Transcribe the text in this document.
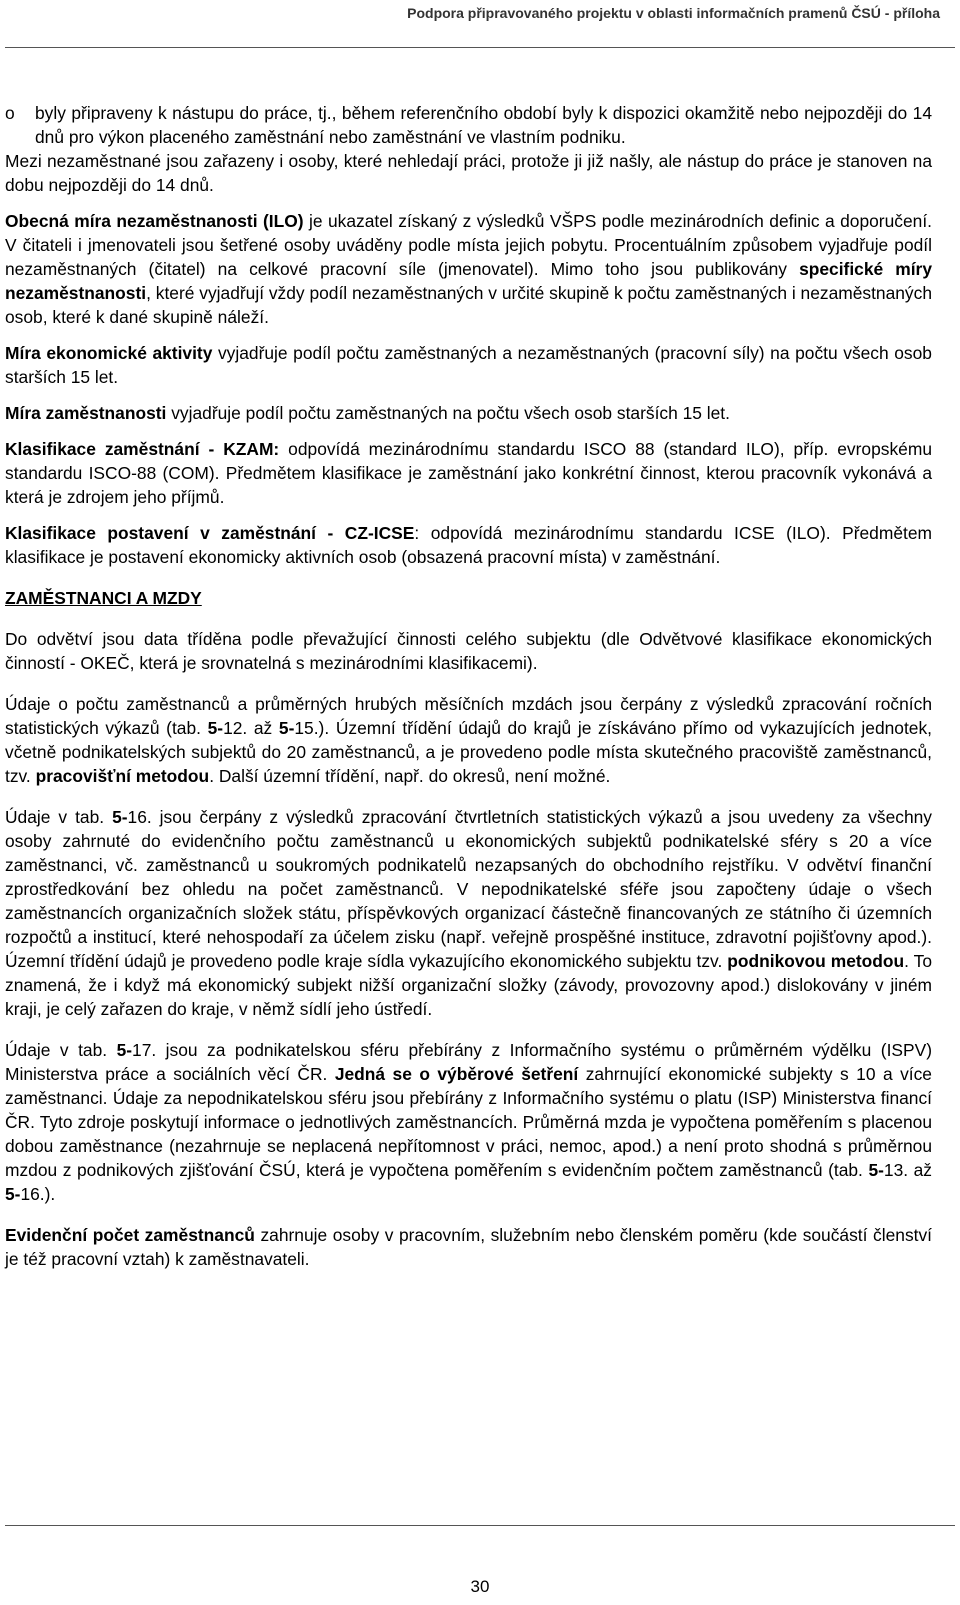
Podpora připravovaného projektu v oblasti informačních pramenů ČSÚ - příloha

o byly připraveny k nástupu do práce, tj., během referenčního období byly k dispozici okamžitě nebo nejpozději do 14 dnů pro výkon placeného zaměstnání nebo zaměstnání ve vlastním podniku.

Mezi nezaměstnané jsou zařazeny i osoby, které nehledají práci, protože ji již našly, ale nástup do práce je stanoven na dobu nejpozději do 14 dnů.

Obecná míra nezaměstnanosti (ILO) je ukazatel získaný z výsledků VŠPS podle mezinárodních definic a doporučení. V čitateli i jmenovateli jsou šetřené osoby uváděny podle místa jejich pobytu. Procentuálním způsobem vyjadřuje podíl nezaměstnaných (čitatel) na celkové pracovní síle (jmenovatel). Mimo toho jsou publikovány specifické míry nezaměstnanosti, které vyjadřují vždy podíl nezaměstnaných v určité skupině k počtu zaměstnaných i nezaměstnaných osob, které k dané skupině náleží.

Míra ekonomické aktivity vyjadřuje podíl počtu zaměstnaných a nezaměstnaných (pracovní síly) na počtu všech osob starších 15 let.

Míra zaměstnanosti vyjadřuje podíl počtu zaměstnaných na počtu všech osob starších 15 let.

Klasifikace zaměstnání - KZAM: odpovídá mezinárodnímu standardu ISCO 88 (standard ILO), příp. evropskému standardu ISCO-88 (COM). Předmětem klasifikace je zaměstnání jako konkrétní činnost, kterou pracovník vykonává a která je zdrojem jeho příjmů.

Klasifikace postavení v zaměstnání - CZ-ICSE: odpovídá mezinárodnímu standardu ICSE (ILO). Předmětem klasifikace je postavení ekonomicky aktivních osob (obsazená pracovní místa) v zaměstnání.

ZAMĚSTNANCI A MZDY

Do odvětví jsou data tříděna podle převažující činnosti celého subjektu (dle Odvětvové klasifikace ekonomických činností - OKEČ, která je srovnatelná s mezinárodními klasifikacemi).

Údaje o počtu zaměstnanců a průměrných hrubých měsíčních mzdách jsou čerpány z výsledků zpracování ročních statistických výkazů (tab. 5-12. až 5-15.). Územní třídění údajů do krajů je získáváno přímo od vykazujících jednotek, včetně podnikatelských subjektů do 20 zaměstnanců, a je provedeno podle místa skutečného pracoviště zaměstnanců, tzv. pracovišťní metodou. Další územní třídění, např. do okresů, není možné.

Údaje v tab. 5-16. jsou čerpány z výsledků zpracování čtvrtletních statistických výkazů a jsou uvedeny za všechny osoby zahrnuté do evidenčního počtu zaměstnanců u ekonomických subjektů podnikatelské sféry s 20 a více zaměstnanci, vč. zaměstnanců u soukromých podnikatelů nezapsaných do obchodního rejstříku. V odvětví finanční zprostředkování bez ohledu na počet zaměstnanců. V nepodnikatelské sféře jsou započteny údaje o všech zaměstnancích organizačních složek státu, příspěvkových organizací částečně financovaných ze státního či územních rozpočtů a institucí, které nehospodaří za účelem zisku (např. veřejně prospěšné instituce, zdravotní pojišťovny apod.). Územní třídění údajů je provedeno podle kraje sídla vykazujícího ekonomického subjektu tzv. podnikovou metodou. To znamená, že i když má ekonomický subjekt nižší organizační složky (závody, provozovny apod.) dislokovány v jiném kraji, je celý zařazen do kraje, v němž sídlí jeho ústředí.

Údaje v tab. 5-17. jsou za podnikatelskou sféru přebírány z Informačního systému o průměrném výdělku (ISPV) Ministerstva práce a sociálních věcí ČR. Jedná se o výběrové šetření zahrnující ekonomické subjekty s 10 a více zaměstnanci. Údaje za nepodnikatelskou sféru jsou přebírány z Informačního systému o platu (ISP) Ministerstva financí ČR. Tyto zdroje poskytují informace o jednotlivých zaměstnancích. Průměrná mzda je vypočtena poměřením s placenou dobou zaměstnance (nezahrnuje se neplacená nepřítomnost v práci, nemoc, apod.) a není proto shodná s průměrnou mzdou z podnikových zjišťování ČSÚ, která je vypočtena poměřením s evidenčním počtem zaměstnanců (tab. 5-13. až 5-16.).

Evidenční počet zaměstnanců zahrnuje osoby v pracovním, služebním nebo členském poměru (kde součástí členství je též pracovní vztah) k zaměstnavateli.

30
